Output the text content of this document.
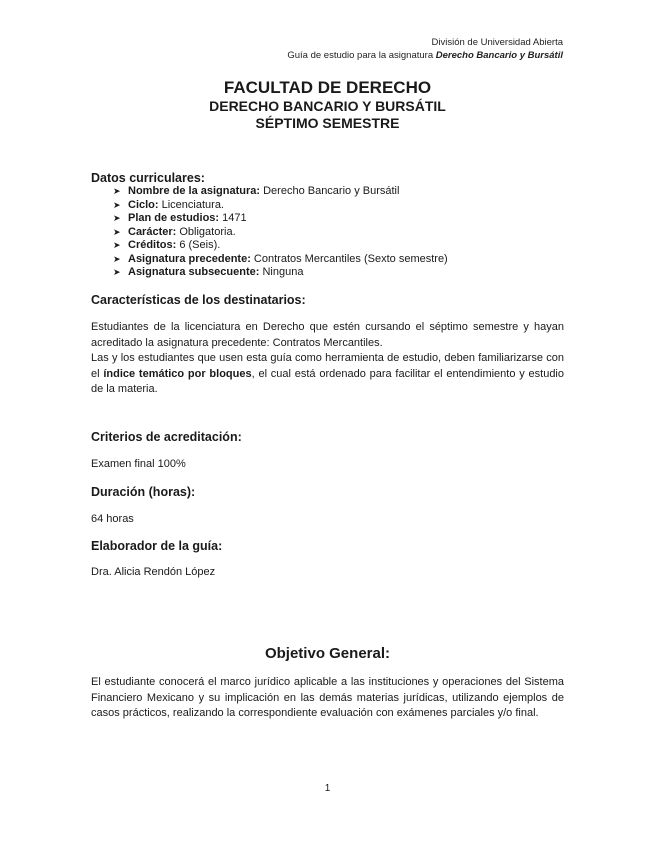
División de Universidad Abierta
Guía de estudio para la asignatura Derecho Bancario y Bursátil
FACULTAD DE DERECHO
DERECHO BANCARIO Y BURSÁTIL
SÉPTIMO SEMESTRE
Datos curriculares:
➤ Nombre de la asignatura: Derecho Bancario y Bursátil
➤ Ciclo: Licenciatura.
➤ Plan de estudios: 1471
➤ Carácter: Obligatoria.
➤ Créditos: 6 (Seis).
➤ Asignatura precedente: Contratos Mercantiles (Sexto semestre)
➤ Asignatura subsecuente: Ninguna
Características de los destinatarios:
Estudiantes de la licenciatura en Derecho que estén cursando el séptimo semestre y hayan acreditado la asignatura precedente: Contratos Mercantiles.
Las y los estudiantes que usen esta guía como herramienta de estudio, deben familiarizarse con el índice temático por bloques, el cual está ordenado para facilitar el entendimiento y estudio de la materia.
Criterios de acreditación:
Examen final 100%
Duración (horas):
64 horas
Elaborador de la guía:
Dra. Alicia Rendón López
Objetivo General:
El estudiante conocerá el marco jurídico aplicable a las instituciones y operaciones del Sistema Financiero Mexicano y su implicación en las demás materias jurídicas, utilizando ejemplos de casos prácticos, realizando la correspondiente evaluación con exámenes parciales y/o final.
1
